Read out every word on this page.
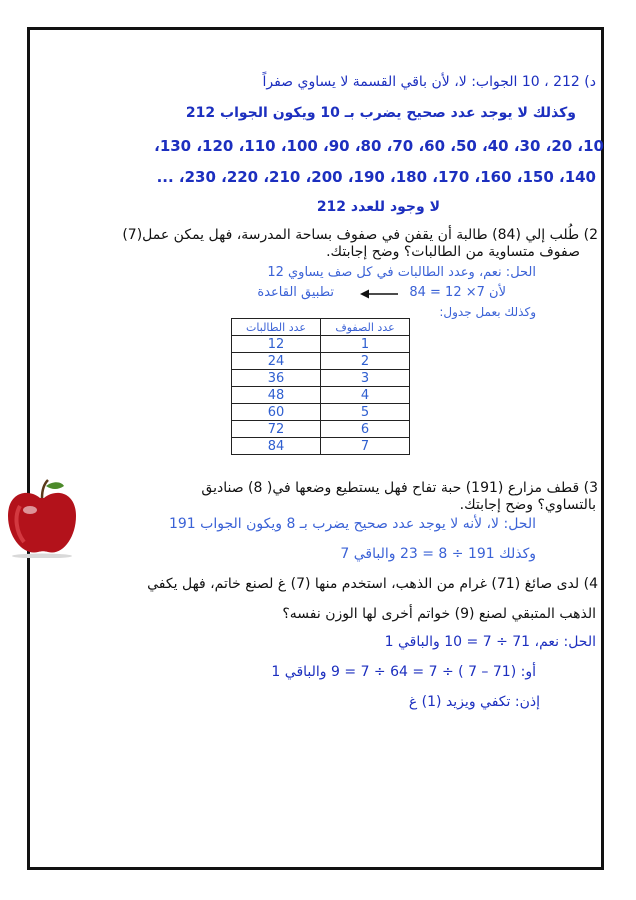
د) 212 ، 10 الجواب: لا، لأن باقي القسمة لا يساوي صفراً
وكذلك لا يوجد عدد صحيح يضرب بـ 10 ويكون الجواب 212
10، 20، 30، 40، 50، 60، 70، 80، 90، 100، 110، 120، 130،
140، 150، 160، 170، 180، 190، 200، 210، 220، 230، ...
لا وجود للعدد 212
2) طُلب إلي (84) طالبة أن يقفن في صفوف بساحة المدرسة، فهل يمكن عمل(7)
صفوف متساوية من الطالبات؟ وضح إجابتك.
الحل: نعم، وعدد الطالبات في كل صف يساوي 12
لأن 7× 12 = 84
تطبيق القاعدة
وكذلك بعمل جدول:
عدد الصفوف	عدد الطالبات
1	12
2	24
3	36
4	48
5	60
6	72
7	84
3) قطف مزارع (191) حبة تفاح فهل يستطيع وضعها في( 8) صناديق
بالتساوي؟ وضح إجابتك.
الحل: لا، لأنه لا يوجد عدد صحيح يضرب بـ 8 ويكون الجواب 191
وكذلك 191 ÷ 8 = 23 والباقي 7
4) لدى صائغ (71) غرام من الذهب، استخدم منها (7) غ لصنع خاتم، فهل يكفي
الذهب المتبقي لصنع (9) خواتم أخرى لها الوزن نفسه؟
الحل: نعم، 71 ÷ 7 = 10 والباقي 1
أو: (71 – 7 ) ÷ 7 = 64 ÷ 7 = 9 والباقي 1
إذن: تكفي ويزيد (1) غ
